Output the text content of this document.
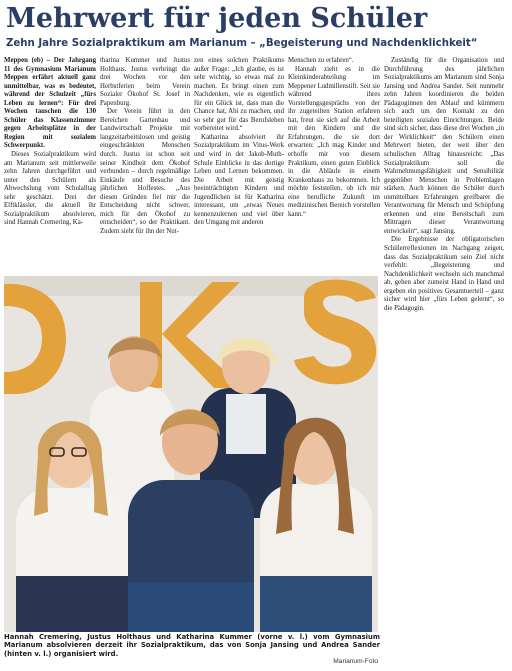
Mehrwert für jeden Schüler
Zehn Jahre Sozialpraktikum am Marianum – „Begeisterung und Nachdenklichkeit“

Meppen (eb) – Der Jahrgang 11 des Gymnasium Marianum Meppen erfährt aktuell ganz unmittelbar, was es bedeutet, während der Schulzeit „fürs Leben zu lernen“: Für drei Wochen tauschen die 130 Schüler das Klassenzimmer gegen Arbeitsplätze in der Region mit sozialem Schwerpunkt.

Dieses Sozialpraktikum wird am Marianum seit mittlerweile zehn Jahren durchgeführt und unter den Schülern als Abwechslung vom Schulalltag sehr geschätzt. Drei der Elftklässler, die aktuell ihr Sozialpraktikum absolvieren, sind Hannah Cremering, Ka-

tharina Kummer und Justus Holthaus. Justus verbringt die drei Wochen vor den Herbstferien beim Verein Sozialer Ökohof St. Josef in Papenburg.

Der Verein führt in den Bereichen Gartenbau und Landwirtschaft Projekte mit langzeitarbeitslosen und geistig eingeschränkten Menschen durch. Justus ist schon seit seiner Kindheit dem Ökohof verbunden – durch regelmäßige Einkäufe und Besuche des jährlichen Hoffestes. „Aus diesen Gründen fiel mir die Entscheidung nicht schwer, mich für den Ökohof zu entscheiden“, so der Praktikant. Zudem sieht für ihn der Nut-

zen eines solchen Praktikums außer Frage: „Ich glaube, es ist sehr wichtig, so etwas mal zu machen. Es bringt einen zum Nachdenken, wie es eigentlich für ein Glück ist, dass man die Chance hat, Abi zu machen, und so sehr gut für das Berufsleben vorbereitet wird.“

Katharina absolviert ihr Sozialpraktikum im Vitus-Werk und wird in der Jakob-Muth-Schule Einblicke in das dortige Leben und Lernen bekommen. Die Arbeit mit geistig beeinträchtigten Kindern und Jugendlichen ist für Katharina interessant, um „etwas Neues kennenzulernen und viel über den Umgang mit anderen

Menschen zu erfahren“.

Hannah zieht es in die Kleinkinderabteilung im Meppener Ludmillenstift. Seit sie während ihres Vorstellungsgesprächs von der ihr zugeteilten Station erfahren hat, freut sie sich auf die Arbeit mit den Kindern und die Erfahrungen, die sie dort erwarten: „Ich mag Kinder und erhoffe mir von diesem Praktikum, einen guten Einblick in die Abläufe in einem Krankenhaus zu bekommen. Ich möchte feststellen, ob ich mir eine berufliche Zukunft im medizinischen Bereich vorstellen kann.“

Zuständig für die Organisation und Durchführung des jährlichen Sozialpraktikums am Marianum sind Sonja Jansing und Andrea Sander. Seit nunmehr zehn Jahren koordinieren die beiden Pädagoginnen den Ablauf und kümmern sich auch um den Kontakt zu den beteiligten sozialen Einrichtungen. Beide sind sich sicher, dass diese drei Wochen „in der Wirklichkeit“ den Schülern einen Mehrwert bieten, der weit über den schulischen Alltag hinausreicht: „Das Sozialpraktikum soll die Wahrnehmungsfähigkeit und Sensibilität gegenüber Menschen in Problemlagen stärken. Auch können die Schüler durch unmittelbare Erfahrungen greifbarer die Verantwortung für Mensch und Schöpfung erkennen und eine Bereitschaft zum Mittragen dieser Verantwortung entwickeln“, sagt Jansing.

Die Ergebnisse der obligatorischen Schülerreflexionen im Nachgang zeigen, dass das Sozialpraktikum sein Ziel nicht verfehlt: „Begeisterung und Nachdenklichkeit wechseln sich manchmal ab, gehen aber zumeist Hand in Hand und ergeben ein positives Gesamtuerteil – ganz sicher wird hier „fürs Leben gelernt“, so die Pädagogin.

Hannah Cremering, Justus Holthaus und Katharina Kummer (vorne v. l.) vom Gymnasium Marianum absolvieren derzeit ihr Sozialpraktikum, das von Sonja Jansing und Andrea Sander (hinten v. l.) organisiert wird.
Marianum-Foto
